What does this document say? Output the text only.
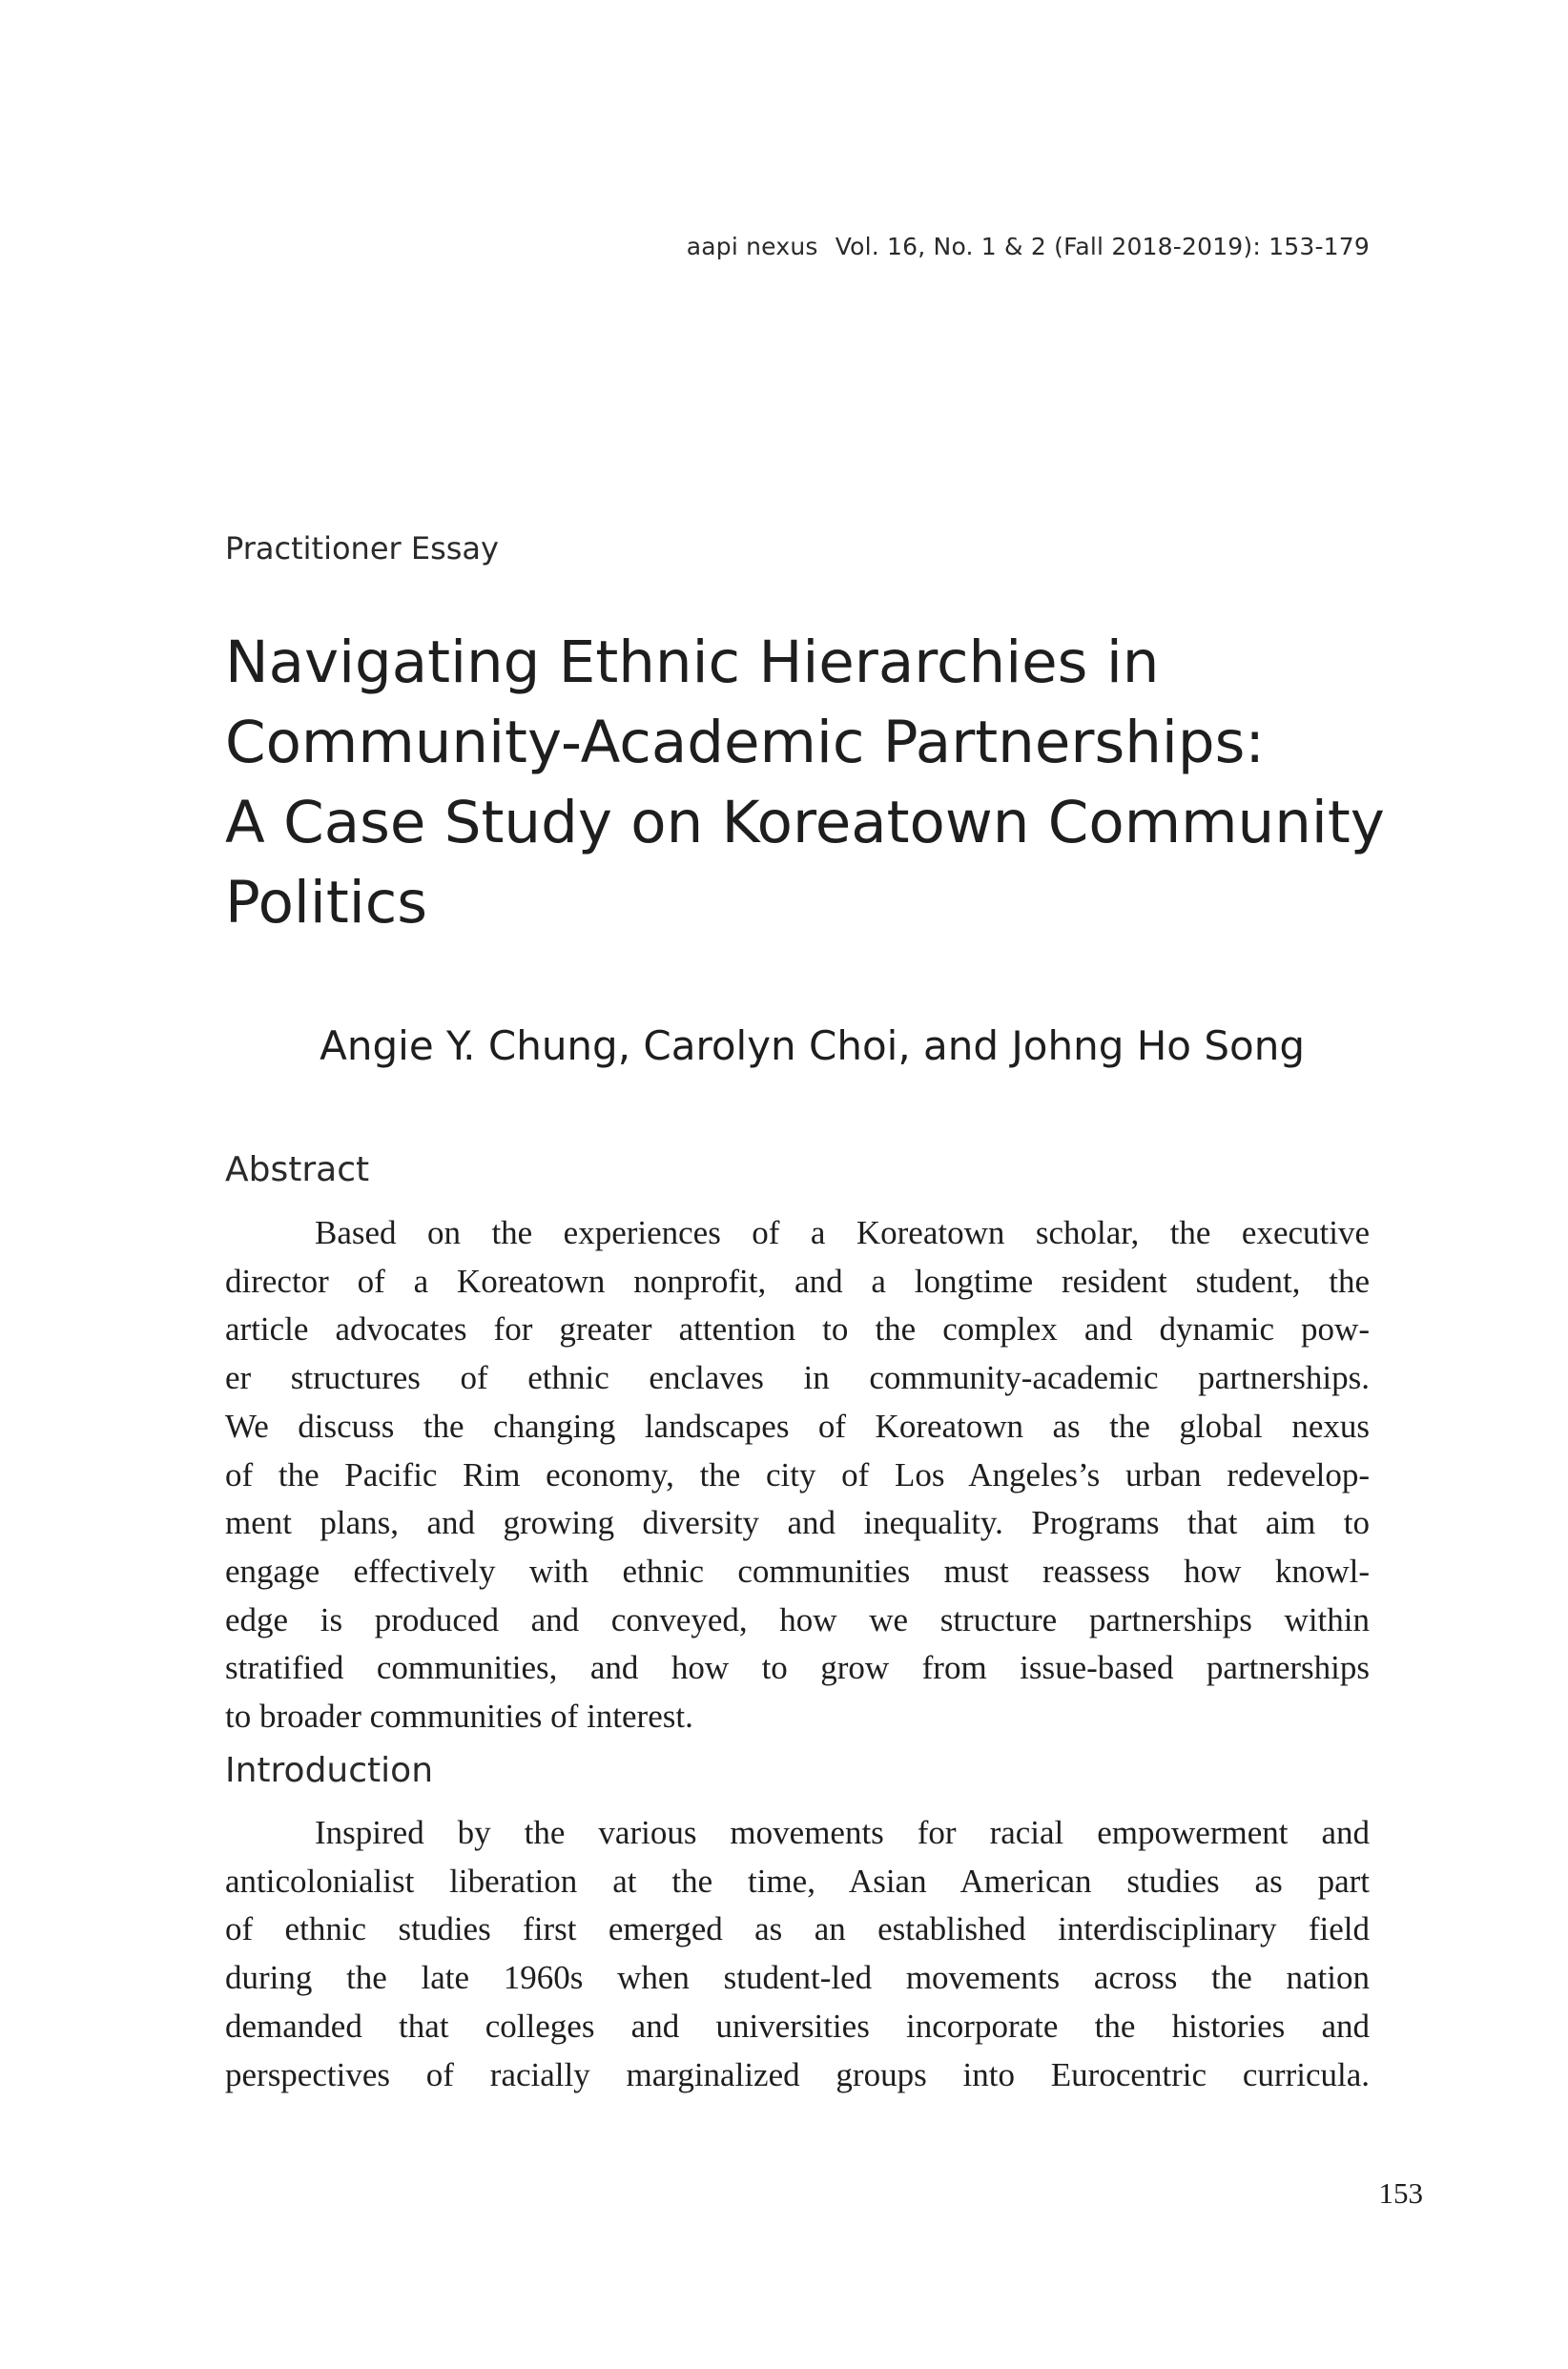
aapi nexus Vol. 16, No. 1 & 2 (Fall 2018-2019): 153-179
Practitioner Essay
Navigating Ethnic Hierarchies in
Community-Academic Partnerships:
A Case Study on Koreatown Community
Politics
Angie Y. Chung, Carolyn Choi, and Johng Ho Song
Abstract
Based on the experiences of a Koreatown scholar, the executive
director of a Koreatown nonprofit, and a longtime resident student, the
article advocates for greater attention to the complex and dynamic pow-
er structures of ethnic enclaves in community-academic partnerships.
We discuss the changing landscapes of Koreatown as the global nexus
of the Pacific Rim economy, the city of Los Angeles’s urban redevelop-
ment plans, and growing diversity and inequality. Programs that aim to
engage effectively with ethnic communities must reassess how knowl-
edge is produced and conveyed, how we structure partnerships within
stratified communities, and how to grow from issue-based partnerships
to broader communities of interest.
Introduction
Inspired by the various movements for racial empowerment and
anticolonialist liberation at the time, Asian American studies as part
of ethnic studies first emerged as an established interdisciplinary field
during the late 1960s when student-led movements across the nation
demanded that colleges and universities incorporate the histories and
perspectives of racially marginalized groups into Eurocentric curricula.
153
